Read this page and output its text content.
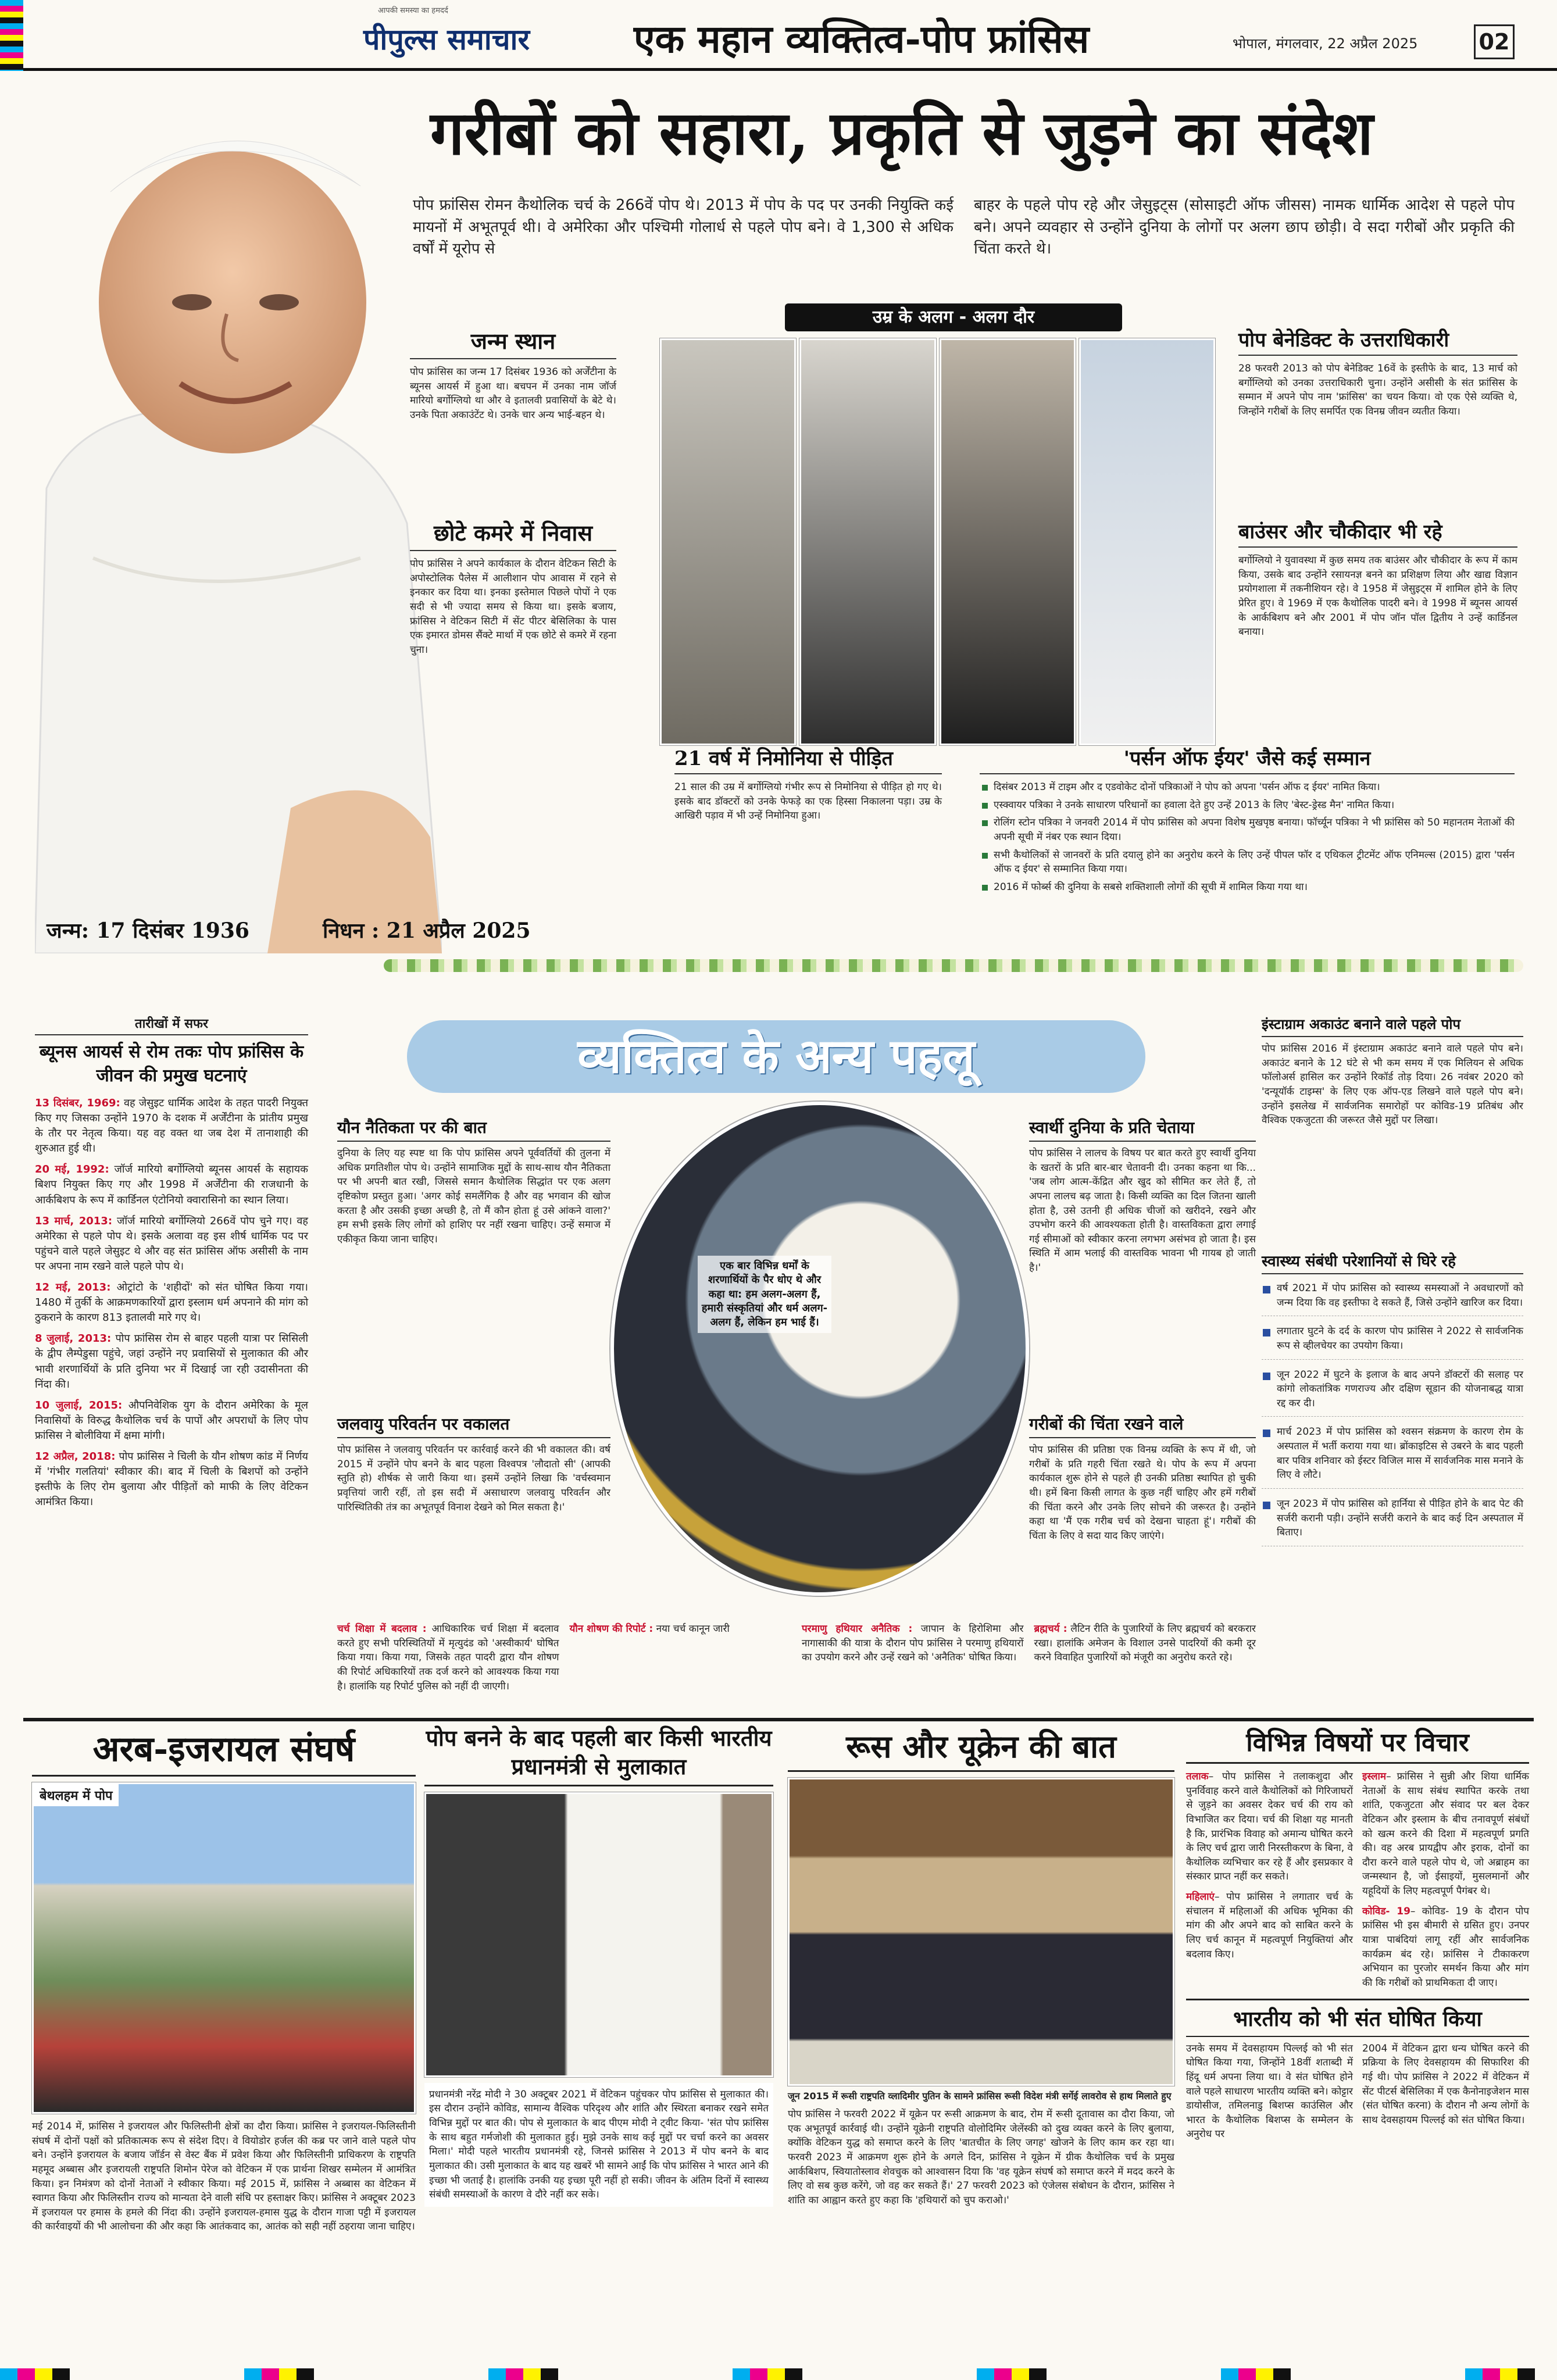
आपकी समस्या का हमदर्द
पीपुल्स समाचार	एक महान व्यक्तित्व-पोप फ्रांसिस	भोपाल, मंगलवार, 22 अप्रैल 2025	02
गरीबों को सहारा, प्रकृति से जुड़ने का संदेश
पोप फ्रांसिस रोमन कैथोलिक चर्च के 266वें पोप थे। 2013 में पोप के पद पर उनकी नियुक्ति कई मायनों में अभूतपूर्व थी। वे अमेरिका और पश्चिमी गोलार्ध से पहले पोप बने। वे 1,300 से अधिक वर्षों में यूरोप से
बाहर के पहले पोप रहे और जेसुइट्स (सोसाइटी ऑफ जीसस) नामक धार्मिक आदेश से पहले पोप बने। अपने व्यवहार से उन्होंने दुनिया के लोगों पर अलग छाप छोड़ी। वे सदा गरीबों और प्रकृति की चिंता करते थे।
जन्म स्थान
पोप फ्रांसिस का जन्म 17 दिसंबर 1936 को अर्जेंटीना के ब्यूनस आयर्स में हुआ था। बचपन में उनका नाम जॉर्ज मारियो बर्गोग्लियो था और वे इतालवी प्रवासियों के बेटे थे। उनके पिता अकाउंटेंट थे। उनके चार अन्य भाई-बहन थे।
छोटे कमरे में निवास
पोप फ्रांसिस ने अपने कार्यकाल के दौरान वेटिकन सिटी के अपोस्टोलिक पैलेस में आलीशान पोप आवास में रहने से इनकार कर दिया था। इनका इस्तेमाल पिछले पोपों ने एक सदी से भी ज्यादा समय से किया था। इसके बजाय, फ्रांसिस ने वेटिकन सिटी में सेंट पीटर बेसिलिका के पास एक इमारत डोमस सैंक्टे मार्था में एक छोटे से कमरे में रहना चुना।
उम्र के अलग - अलग दौर
पोप बेनेडिक्ट के उत्तराधिकारी
28 फरवरी 2013 को पोप बेनेडिक्ट 16वें के इस्तीफे के बाद, 13 मार्च को बर्गोग्लियो को उनका उत्तराधिकारी चुना। उन्होंने असीसी के संत फ्रांसिस के सम्मान में अपने पोप नाम 'फ्रांसिस' का चयन किया। वो एक ऐसे व्यक्ति थे, जिन्होंने गरीबों के लिए समर्पित एक विनम्र जीवन व्यतीत किया।
बाउंसर और चौकीदार भी रहे
बर्गोग्लियो ने युवावस्था में कुछ समय तक बाउंसर और चौकीदार के रूप में काम किया, उसके बाद उन्होंने रसायनज्ञ बनने का प्रशिक्षण लिया और खाद्य विज्ञान प्रयोगशाला में तकनीशियन रहे। वे 1958 में जेसुइट्स में शामिल होने के लिए प्रेरित हुए। वे 1969 में एक कैथोलिक पादरी बने। वे 1998 में ब्यूनस आयर्स के आर्कबिशप बने और 2001 में पोप जॉन पॉल द्वितीय ने उन्हें कार्डिनल बनाया।
21 वर्ष में निमोनिया से पीड़ित
21 साल की उम्र में बर्गोग्लियो गंभीर रूप से निमोनिया से पीड़ित हो गए थे। इसके बाद डॉक्टरों को उनके फेफड़े का एक हिस्सा निकालना पड़ा। उम्र के आखिरी पड़ाव में भी उन्हें निमोनिया हुआ।
'पर्सन ऑफ ईयर' जैसे कई सम्मान
दिसंबर 2013 में टाइम और द एडवोकेट दोनों पत्रिकाओं ने पोप को अपना 'पर्सन ऑफ द ईयर' नामित किया।
एस्क्वायर पत्रिका ने उनके साधारण परिधानों का हवाला देते हुए उन्हें 2013 के लिए 'बेस्ट-ड्रेस्ड मैन' नामित किया।
रोलिंग स्टोन पत्रिका ने जनवरी 2014 में पोप फ्रांसिस को अपना विशेष मुखपृष्ठ बनाया। फॉर्च्यून पत्रिका ने भी फ्रांसिस को 50 महानतम नेताओं की अपनी सूची में नंबर एक स्थान दिया।
सभी कैथोलिकों से जानवरों के प्रति दयालु होने का अनुरोध करने के लिए उन्हें पीपल फॉर द एथिकल ट्रीटमेंट ऑफ एनिमल्स (2015) द्वारा 'पर्सन ऑफ द ईयर' से सम्मानित किया गया।
2016 में फोर्ब्स की दुनिया के सबसे शक्तिशाली लोगों की सूची में शामिल किया गया था।
जन्म: 17 दिसंबर 1936	निधन : 21 अप्रैल 2025
तारीखों में सफर
ब्यूनस आयर्स से रोम तकः पोप फ्रांसिस के जीवन की प्रमुख घटनाएं
13 दिसंबर, 1969: वह जेसुइट धार्मिक आदेश के तहत पादरी नियुक्त किए गए जिसका उन्होंने 1970 के दशक में अर्जेंटीना के प्रांतीय प्रमुख के तौर पर नेतृत्व किया। यह वह वक्त था जब देश में तानाशाही की शुरुआत हुई थी।
20 मई, 1992: जॉर्ज मारियो बर्गोग्लियो ब्यूनस आयर्स के सहायक बिशप नियुक्त किए गए और 1998 में अर्जेंटीना की राजधानी के आर्कबिशप के रूप में कार्डिनल एंटोनियो क्वारासिनो का स्थान लिया।
13 मार्च, 2013: जॉर्ज मारियो बर्गोग्लियो 266वें पोप चुने गए। वह अमेरिका से पहले पोप थे। इसके अलावा वह इस शीर्ष धार्मिक पद पर पहुंचने वाले पहले जेसुइट थे और वह संत फ्रांसिस ऑफ असीसी के नाम पर अपना नाम रखने वाले पहले पोप थे।
12 मई, 2013: ओट्रांटो के 'शहीदों' को संत घोषित किया गया। 1480 में तुर्की के आक्रमणकारियों द्वारा इस्लाम धर्म अपनाने की मांग को ठुकराने के कारण 813 इतालवी मारे गए थे।
8 जुलाई, 2013: पोप फ्रांसिस रोम से बाहर पहली यात्रा पर सिसिली के द्वीप लैम्पेडुसा पहुंचे, जहां उन्होंने नए प्रवासियों से मुलाकात की और भावी शरणार्थियों के प्रति दुनिया भर में दिखाई जा रही उदासीनता की निंदा की।
10 जुलाई, 2015: औपनिवेशिक युग के दौरान अमेरिका के मूल निवासियों के विरुद्ध कैथोलिक चर्च के पापों और अपराधों के लिए पोप फ्रांसिस ने बोलीविया में क्षमा मांगी।
12 अप्रैल, 2018: पोप फ्रांसिस ने चिली के यौन शोषण कांड में निर्णय में 'गंभीर गलतियां' स्वीकार की। बाद में चिली के बिशपों को उन्होंने इस्तीफे के लिए रोम बुलाया और पीड़ितों को माफी के लिए वेटिकन आमंत्रित किया।
व्यक्तित्व के अन्य पहलू
यौन नैतिकता पर की बात
दुनिया के लिए यह स्पष्ट था कि पोप फ्रांसिस अपने पूर्ववर्तियों की तुलना में अधिक प्रगतिशील पोप थे। उन्होंने सामाजिक मुद्दों के साथ-साथ यौन नैतिकता पर भी अपनी बात रखी, जिससे समान कैथोलिक सिद्धांत पर एक अलग दृष्टिकोण प्रस्तुत हुआ। 'अगर कोई समलैंगिक है और वह भगवान की खोज करता है और उसकी इच्छा अच्छी है, तो मैं कौन होता हूं उसे आंकने वाला?' हम सभी इसके लिए लोगों को हाशिए पर नहीं रखना चाहिए। उन्हें समाज में एकीकृत किया जाना चाहिए।
जलवायु परिवर्तन पर वकालत
पोप फ्रांसिस ने जलवायु परिवर्तन पर कार्रवाई करने की भी वकालत की। वर्ष 2015 में उन्होंने पोप बनने के बाद पहला विश्वपत्र 'लौदातो सी' (आपकी स्तुति हो) शीर्षक से जारी किया था। इसमें उन्होंने लिखा कि 'वर्चस्वमान प्रवृत्तियां जारी रहीं, तो इस सदी में असाधारण जलवायु परिवर्तन और पारिस्थितिकी तंत्र का अभूतपूर्व विनाश देखने को मिल सकता है।'
एक बार विभिन्न धर्मों के शरणार्थियों के पैर धोए थे और कहा था: हम अलग-अलग हैं, हमारी संस्कृतियां और धर्म अलग-अलग हैं, लेकिन हम भाई हैं।
स्वार्थी दुनिया के प्रति चेताया
पोप फ्रांसिस ने लालच के विषय पर बात करते हुए स्वार्थी दुनिया के खतरों के प्रति बार-बार चेतावनी दी। उनका कहना था कि... 'जब लोग आत्म-केंद्रित और खुद को सीमित कर लेते हैं, तो अपना लालच बढ़ जाता है। किसी व्यक्ति का दिल जितना खाली होता है, उसे उतनी ही अधिक चीजों को खरीदने, रखने और उपभोग करने की आवश्यकता होती है। वास्तविकता द्वारा लगाई गई सीमाओं को स्वीकार करना लगभग असंभव हो जाता है। इस स्थिति में आम भलाई की वास्तविक भावना भी गायब हो जाती है।'
गरीबों की चिंता रखने वाले
पोप फ्रांसिस की प्रतिष्ठा एक विनम्र व्यक्ति के रूप में थी, जो गरीबों के प्रति गहरी चिंता रखते थे। पोप के रूप में अपना कार्यकाल शुरू होने से पहले ही उनकी प्रतिष्ठा स्थापित हो चुकी थी। हमें बिना किसी लागत के कुछ नहीं चाहिए और हमें गरीबों की चिंता करने और उनके लिए सोचने की जरूरत है। उन्होंने कहा था 'मैं एक गरीब चर्च को देखना चाहता हूं'। गरीबों की चिंता के लिए वे सदा याद किए जाएंगे।
चर्च शिक्षा में बदलाव : आधिकारिक चर्च शिक्षा में बदलाव करते हुए सभी परिस्थितियों में मृत्युदंड को 'अस्वीकार्य' घोषित किया गया। किया गया, जिसके तहत पादरी द्वारा यौन शोषण की रिपोर्ट अधिकारियों तक दर्ज करने को आवश्यक किया गया है। हालांकि यह रिपोर्ट पुलिस को नहीं दी जाएगी।
यौन शोषण की रिपोर्ट : नया चर्च कानून जारी	परमाणु हथियार अनैतिक : जापान के हिरोशिमा और नागासाकी की यात्रा के दौरान पोप फ्रांसिस ने परमाणु हथियारों का उपयोग करने और उन्हें रखने को 'अनैतिक' घोषित किया।
ब्रह्मचर्य : लैटिन रीति के पुजारियों के लिए ब्रह्मचर्य को बरकरार रखा। हालांकि अमेजन के विशाल उनसे पादरियों की कमी दूर करने विवाहित पुजारियों को मंजूरी का अनुरोध करते रहे।
इंस्टाग्राम अकाउंट बनाने वाले पहले पोप
पोप फ्रांसिस 2016 में इंस्टाग्राम अकाउंट बनाने वाले पहले पोप बने। अकाउंट बनाने के 12 घंटे से भी कम समय में एक मिलियन से अधिक फॉलोअर्स हासिल कर उन्होंने रिकॉर्ड तोड़ दिया। 26 नवंबर 2020 को 'दन्यूयॉर्क टाइम्स' के लिए एक ऑप-एड लिखने वाले पहले पोप बने। उन्होंने इसलेख में सार्वजनिक समारोहों पर कोविड-19 प्रतिबंध और वैश्विक एकजुटता की जरूरत जैसे मुद्दों पर लिखा।
स्वास्थ्य संबंधी परेशानियों से घिरे रहे
वर्ष 2021 में पोप फ्रांसिस को स्वास्थ्य समस्याओं ने अवधारणों को जन्म दिया कि वह इस्तीफा दे सकते हैं, जिसे उन्होंने खारिज कर दिया।
लगातार घुटने के दर्द के कारण पोप फ्रांसिस ने 2022 से सार्वजनिक रूप से व्हीलचेयर का उपयोग किया।
जून 2022 में घुटने के इलाज के बाद अपने डॉक्टरों की सलाह पर कांगो लोकतांत्रिक गणराज्य और दक्षिण सूडान की योजनाबद्ध यात्रा रद्द कर दी।
मार्च 2023 में पोप फ्रांसिस को श्वसन संक्रमण के कारण रोम के अस्पताल में भर्ती कराया गया था। ब्रोंकाइटिस से उबरने के बाद पहली बार पवित्र शनिवार को ईस्टर विजिल मास में सार्वजनिक मास मनाने के लिए वे लौटे।
जून 2023 में पोप फ्रांसिस को हार्निया से पीड़ित होने के बाद पेट की सर्जरी करानी पड़ी। उन्होंने सर्जरी कराने के बाद कई दिन अस्पताल में बिताए।
अरब-इजरायल संघर्ष
बेथलहम में पोप
मई 2014 में, फ्रांसिस ने इजरायल और फिलिस्तीनी क्षेत्रों का दौरा किया। फ्रांसिस ने इजरायल-फिलिस्तीनी संघर्ष में दोनों पक्षों को प्रतिकात्मक रूप से संदेश दिए। वे वियोडोर हर्जल की कब्र पर जाने वाले पहले पोप बने। उन्होंने इजरायल के बजाय जॉर्डन से वेस्ट बैंक में प्रवेश किया और फिलिस्तीनी प्राधिकरण के राष्ट्रपति महमूद अब्बास और इजरायली राष्ट्रपति शिमोन पेरेज को वेटिकन में एक प्रार्थना शिखर सम्मेलन में आमंत्रित किया। इन निमंत्रण को दोनों नेताओं ने स्वीकार किया। मई 2015 में, फ्रांसिस ने अब्बास का वेटिकन में स्वागत किया और फिलिस्तीन राज्य को मान्यता देने वाली संधि पर हस्ताक्षर किए। फ्रांसिस ने अक्टूबर 2023 में इजरायल पर हमास के हमले की निंदा की। उन्होंने इजरायल-हमास युद्ध के दौरान गाजा पट्टी में इजरायल की कार्रवाइयों की भी आलोचना की और कहा कि आतंकवाद का, आतंक को सही नहीं ठहराया जाना चाहिए।
पोप बनने के बाद पहली बार किसी भारतीय प्रधानमंत्री से मुलाकात
प्रधानमंत्री नरेंद्र मोदी ने 30 अक्टूबर 2021 में वेटिकन पहुंचकर पोप फ्रांसिस से मुलाकात की। इस दौरान उन्होंने कोविड, सामान्य वैश्विक परिदृश्य और शांति और स्थिरता बनाकर रखने समेत विभिन्न मुद्दों पर बात की। पोप से मुलाकात के बाद पीएम मोदी ने ट्वीट किया- 'संत पोप फ्रांसिस के साथ बहुत गर्मजोशी की मुलाकात हुई। मुझे उनके साथ कई मुद्दों पर चर्चा करने का अवसर मिला।' मोदी पहले भारतीय प्रधानमंत्री रहे, जिनसे फ्रांसिस ने 2013 में पोप बनने के बाद मुलाकात की। उसी मुलाकात के बाद यह खबरें भी सामने आईं कि पोप फ्रांसिस ने भारत आने की इच्छा भी जताई है। हालांकि उनकी यह इच्छा पूरी नहीं हो सकी। जीवन के अंतिम दिनों में स्वास्थ्य संबंधी समस्याओं के कारण वे दौरे नहीं कर सके।
रूस और यूक्रेन की बात
जून 2015 में रूसी राष्ट्रपति व्लादिमीर पुतिन के सामने फ्रांसिस रूसी विदेश मंत्री सर्गेई लावरोव से हाथ मिलाते हुए
पोप फ्रांसिस ने फरवरी 2022 में यूक्रेन पर रूसी आक्रमण के बाद, रोम में रूसी दूतावास का दौरा किया, जो एक अभूतपूर्व कार्रवाई थी। उन्होंने यूक्रेनी राष्ट्रपति वोलोदिमिर जेलेंस्की को दुख व्यक्त करने के लिए बुलाया, क्योंकि वेटिकन युद्ध को समाप्त करने के लिए 'बातचीत के लिए जगह' खोजने के लिए काम कर रहा था। फरवरी 2023 में आक्रमण शुरू होने के अगले दिन, फ्रांसिस ने यूक्रेन में ग्रीक कैथोलिक चर्च के प्रमुख आर्कबिशप, स्वियातोस्लाव शेवचुक को आश्वासन दिया कि 'वह यूक्रेन संघर्ष को समाप्त करने में मदद करने के लिए वो सब कुछ करेंगे, जो वह कर सकते हैं।' 27 फरवरी 2023 को एंजेलस संबोधन के दौरान, फ्रांसिस ने शांति का आह्वान करते हुए कहा कि 'हथियारों को चुप कराओ।'
विभिन्न विषयों पर विचार

तलाक– पोप फ्रांसिस ने तलाकशुदा और पुनर्विवाह करने वाले कैथोलिकों को गिरिजाघरों से जुड़ने का अवसर देकर चर्च की राय को विभाजित कर दिया। चर्च की शिक्षा यह मानती है कि, प्रारंभिक विवाह को अमान्य घोषित करने के लिए चर्च द्वारा जारी निरस्तीकरण के बिना, वे कैथोलिक व्यभिचार कर रहे हैं और इसप्रकार वे संस्कार प्राप्त नहीं कर सकते।

महिलाएं– पोप फ्रांसिस ने लगातार चर्च के संचालन में महिलाओं की अधिक भूमिका की मांग की और अपने बाद को साबित करने के लिए चर्च कानून में महत्वपूर्ण नियुक्तियां और बदलाव किए।

इस्लाम– फ्रांसिस ने सुन्नी और शिया धार्मिक नेताओं के साथ संबंध स्थापित करके तथा शांति, एकजुटता और संवाद पर बल देकर वेटिकन और इस्लाम के बीच तनावपूर्ण संबंधों को खत्म करने की दिशा में महत्वपूर्ण प्रगति की। वह अरब प्रायद्वीप और इराक, दोनों का दौरा करने वाले पहले पोप थे, जो अब्राहम का जन्मस्थान है, जो ईसाइयों, मुसलमानों और यहूदियों के लिए महत्वपूर्ण पैगंबर थे।

कोविड- 19– कोविड- 19 के दौरान पोप फ्रांसिस भी इस बीमारी से ग्रसित हुए। उनपर यात्रा पाबंदियां लागू रहीं और सार्वजनिक कार्यक्रम बंद रहे। फ्रांसिस ने टीकाकरण अभियान का पुरजोर समर्थन किया और मांग की कि गरीबों को प्राथमिकता दी जाए।

भारतीय को भी संत घोषित किया
उनके समय में देवसहायम पिल्लई को भी संत घोषित किया गया, जिन्होंने 18वीं शताब्दी में हिंदू धर्म अपना लिया था। वे संत घोषित होने वाले पहले साधारण भारतीय व्यक्ति बने। कोट्टार डायोसीज, तमिलनाडु बिशप्स काउंसिल और भारत के कैथोलिक बिशप्स के सम्मेलन के अनुरोध पर
2004 में वेटिकन द्वारा धन्य घोषित करने की प्रक्रिया के लिए देवसहायम की सिफारिश की गई थी। पोप फ्रांसिस ने 2022 में वेटिकन में सेंट पीटर्स बेसिलिका में एक कैनोनाइजेशन मास (संत घोषित करना) के दौरान नौ अन्य लोगों के साथ देवसहायम पिल्लई को संत घोषित किया।
